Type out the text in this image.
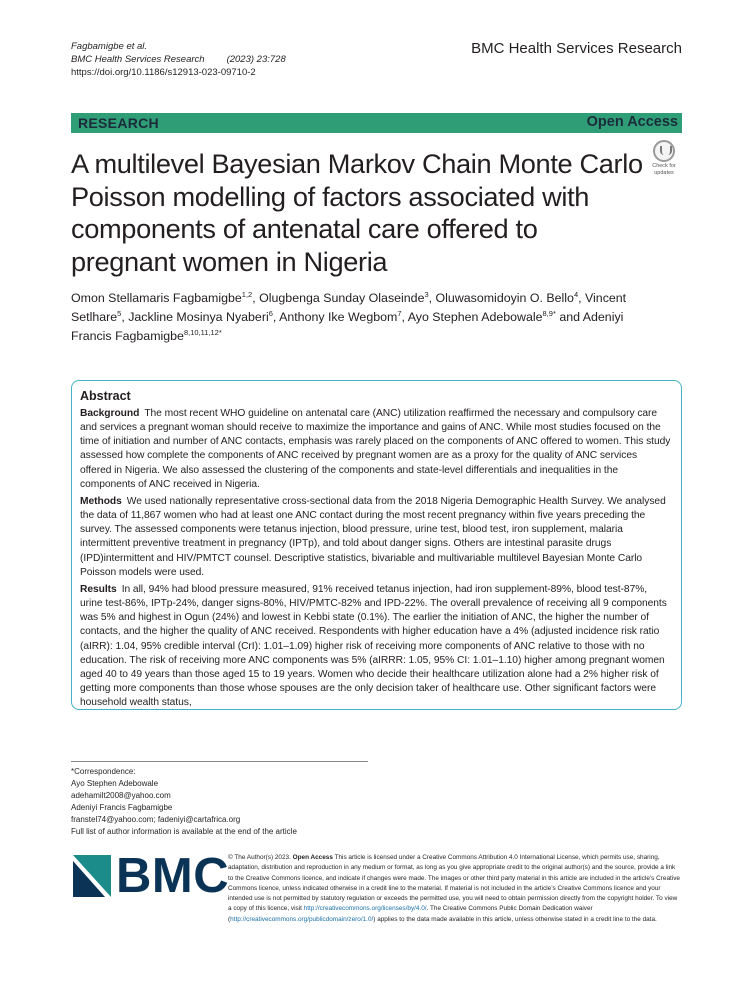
Fagbamigbe et al.
BMC Health Services Research (2023) 23:728
https://doi.org/10.1186/s12913-023-09710-2
BMC Health Services Research
RESEARCH	Open Access
A multilevel Bayesian Markov Chain Monte Carlo Poisson modelling of factors associated with components of antenatal care offered to pregnant women in Nigeria
Check for
updates
Omon Stellamaris Fagbamigbe$^{1,2}$, Olugbenga Sunday Olaseinde$^3$, Oluwasomidoyin O. Bello$^4$, Vincent Setlhare$^5$, Jackline Mosinya Nyaberi$^6$, Anthony Ike Wegbom$^7$, Ayo Stephen Adebowale$^{8,9*}$ and Adeniyi Francis Fagbamigbe$^{8,10,11,12*}$
Abstract

Background The most recent WHO guideline on antenatal care (ANC) utilization reaffirmed the necessary and compulsory care and services a pregnant woman should receive to maximize the importance and gains of ANC. While most studies focused on the time of initiation and number of ANC contacts, emphasis was rarely placed on the components of ANC offered to women. This study assessed how complete the components of ANC received by pregnant women are as a proxy for the quality of ANC services offered in Nigeria. We also assessed the clustering of the components and state-level differentials and inequalities in the components of ANC received in Nigeria.

Methods We used nationally representative cross-sectional data from the 2018 Nigeria Demographic Health Survey. We analysed the data of 11,867 women who had at least one ANC contact during the most recent pregnancy within five years preceding the survey. The assessed components were tetanus injection, blood pressure, urine test, blood test, iron supplement, malaria intermittent preventive treatment in pregnancy (IPTp), and told about danger signs. Others are intestinal parasite drugs (IPD)intermittent and HIV/PMTCT counsel. Descriptive statistics, bivariable and multivariable multilevel Bayesian Monte Carlo Poisson models were used.

Results In all, 94% had blood pressure measured, 91% received tetanus injection, had iron supplement-89%, blood test-87%, urine test-86%, IPTp-24%, danger signs-80%, HIV/PMTC-82% and IPD-22%. The overall prevalence of receiving all 9 components was 5% and highest in Ogun (24%) and lowest in Kebbi state (0.1%). The earlier the initiation of ANC, the higher the number of contacts, and the higher the quality of ANC received. Respondents with higher education have a 4% (adjusted incidence risk ratio (aIRR): 1.04, 95% credible interval (CrI): 1.01–1.09) higher risk of receiving more components of ANC relative to those with no education. The risk of receiving more ANC components was 5% (aIRRR: 1.05, 95% CI: 1.01–1.10) higher among pregnant women aged 40 to 49 years than those aged 15 to 19 years. Women who decide their healthcare utilization alone had a 2% higher risk of getting more components than those whose spouses are the only decision taker of healthcare use. Other significant factors were household wealth status,

*Correspondence:
Ayo Stephen Adebowale
adehamilt2008@yahoo.com
Adeniyi Francis Fagbamigbe
franstel74@yahoo.com; fadeniyi@cartafrica.org
Full list of author information is available at the end of the article
BMC
© The Author(s) 2023. Open Access This article is licensed under a Creative Commons Attribution 4.0 International License, which permits use, sharing, adaptation, distribution and reproduction in any medium or format, as long as you give appropriate credit to the original author(s) and the source, provide a link to the Creative Commons licence, and indicate if changes were made. The images or other third party material in this article are included in the article’s Creative Commons licence, unless indicated otherwise in a credit line to the material. If material is not included in the article’s Creative Commons licence and your intended use is not permitted by statutory regulation or exceeds the permitted use, you will need to obtain permission directly from the copyright holder. To view a copy of this licence, visit http://creativecommons.org/licenses/by/4.0/. The Creative Commons Public Domain Dedication waiver (http://creativecommons.org/publicdomain/zero/1.0/) applies to the data made available in this article, unless otherwise stated in a credit line to the data.
